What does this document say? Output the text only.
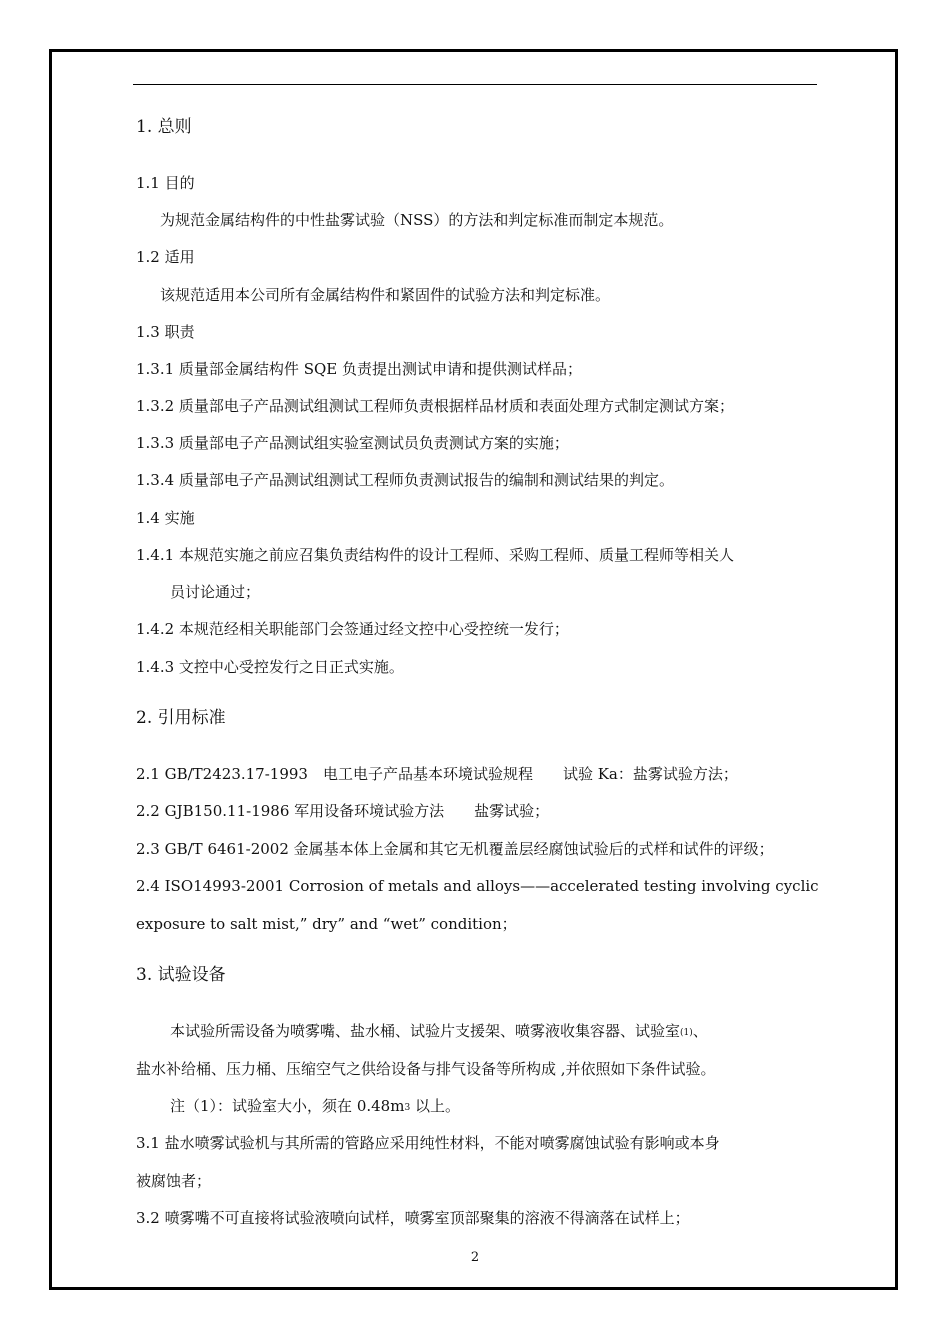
1. 总则
1.1 目的
为规范金属结构件的中性盐雾试验（NSS）的方法和判定标准而制定本规范。
1.2 适用
该规范适用本公司所有金属结构件和紧固件的试验方法和判定标准。
1.3 职责
1.3.1 质量部金属结构件 SQE 负责提出测试申请和提供测试样品；
1.3.2 质量部电子产品测试组测试工程师负责根据样品材质和表面处理方式制定测试方案；
1.3.3 质量部电子产品测试组实验室测试员负责测试方案的实施；
1.3.4 质量部电子产品测试组测试工程师负责测试报告的编制和测试结果的判定。
1.4 实施
1.4.1 本规范实施之前应召集负责结构件的设计工程师、采购工程师、质量工程师等相关人
员讨论通过；
1.4.2 本规范经相关职能部门会签通过经文控中心受控统一发行；
1.4.3 文控中心受控发行之日正式实施。
2. 引用标准
2.1 GB/T2423.17-1993　电工电子产品基本环境试验规程　　试验 Ka：盐雾试验方法；
2.2 GJB150.11-1986 军用设备环境试验方法　　盐雾试验；
2.3 GB/T 6461-2002 金属基本体上金属和其它无机覆盖层经腐蚀试验后的式样和试件的评级；
2.4 ISO14993-2001 Corrosion of metals and alloys——accelerated testing involving cyclic
exposure to salt mist,” dry” and “wet” condition；
3. 试验设备
本试验所需设备为喷雾嘴、盐水桶、试验片支援架、喷雾液收集容器、试验室$_{(1)}$、
盐水补给桶、压力桶、压缩空气之供给设备与排气设备等所构成 ,并依照如下条件试验。
注（1）：试验室大小，须在 $0.48m_3$ 以上。
3.1 盐水喷雾试验机与其所需的管路应采用纯性材料，不能对喷雾腐蚀试验有影响或本身
被腐蚀者；
3.2 喷雾嘴不可直接将试验液喷向试样，喷雾室顶部聚集的溶液不得滴落在试样上；
2
